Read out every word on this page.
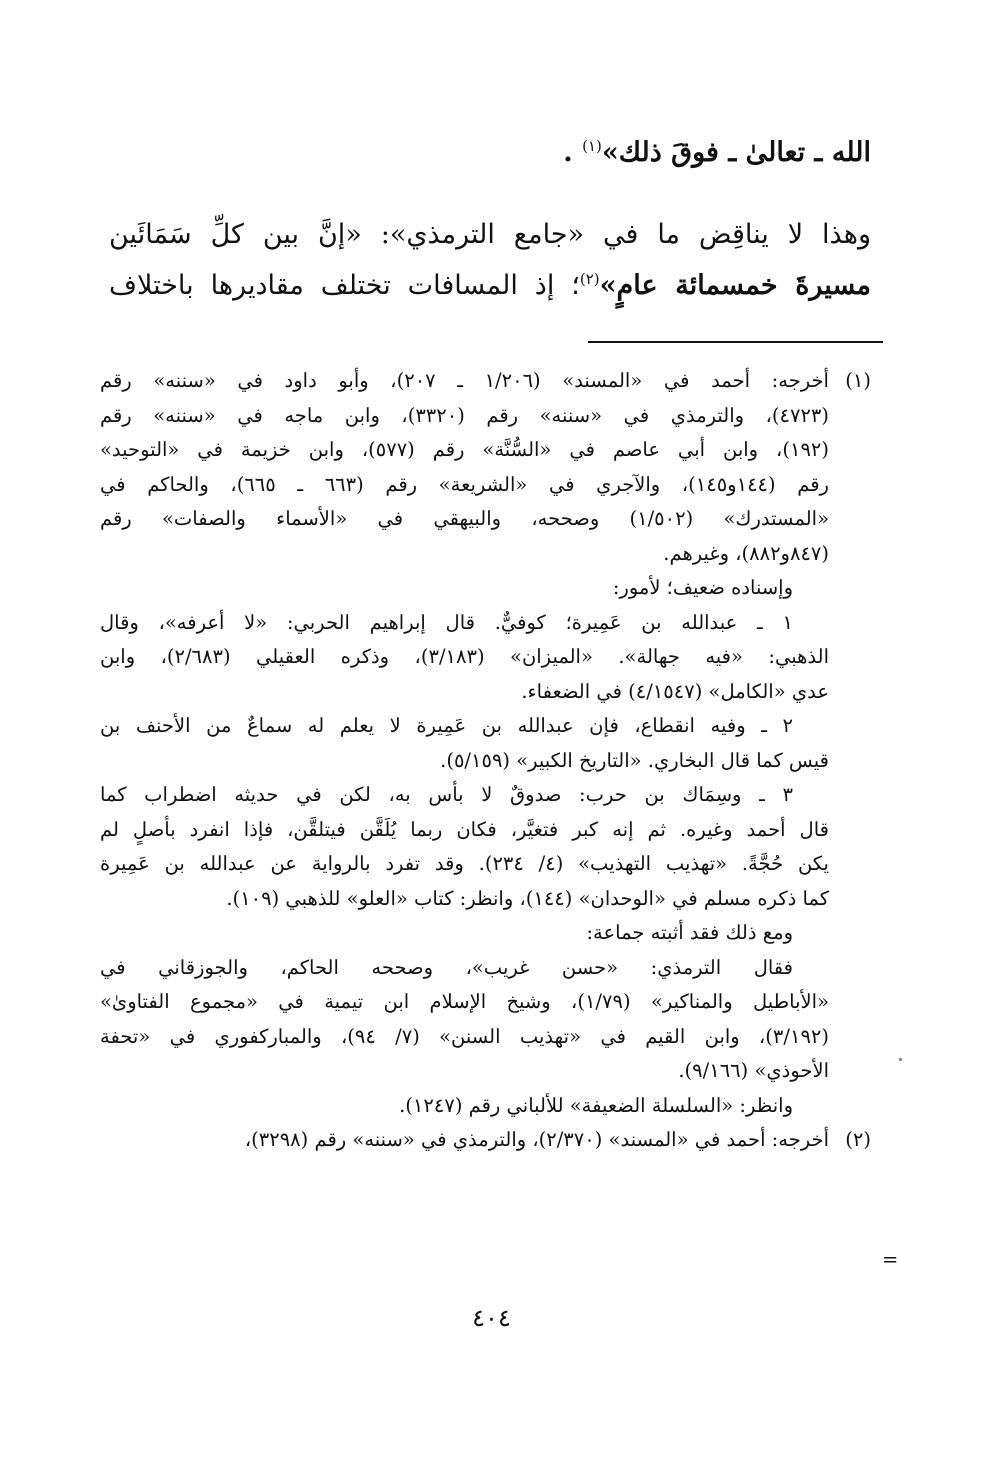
الله ـ تعالىٰ ـ فوقَ ذلك»$^{(١)}$ .
وهذا لا يناقِض ما في «جامع الترمذي»: «إنَّ بين كلِّ سَمَائَين
مسيرةَ خمسمائة عامٍ»$^{(٢)}$؛ إذ المسافات تختلف مقاديرها باختلاف
(١)
أخرجه: أحمد في «المسند» (١/٢٠٦ ـ ٢٠٧)، وأبو داود في «سننه» رقم
(٤٧٢٣)، والترمذي في «سننه» رقم (٣٣٢٠)، وابن ماجه في «سننه» رقم
(١٩٢)، وابن أبي عاصم في «السُّنَّة» رقم (٥٧٧)، وابن خزيمة في «التوحيد»
رقم (١٤٤و١٤٥)، والآجري في «الشريعة» رقم (٦٦٣ ـ ٦٦٥)، والحاكم في
«المستدرك» (١/٥٠٢) وصححه، والبيهقي في «الأسماء والصفات» رقم
(٨٤٧و٨٨٢)، وغيرهم.
وإسناده ضعيف؛ لأمور:
١ ـ عبدالله بن عَمِيرة؛ كوفيٌّ. قال إبراهيم الحربي: «لا أعرفه»، وقال
الذهبي: «فيه جهالة». «الميزان» (٣/١٨٣)، وذكره العقيلي (٢/٦٨٣)، وابن
عدي «الكامل» (٤/١٥٤٧) في الضعفاء.
٢ ـ وفيه انقطاع، فإن عبدالله بن عَمِيرة لا يعلم له سماعٌ من الأحنف بن
قيس كما قال البخاري. «التاريخ الكبير» (٥/١٥٩).
٣ ـ وسِمَاك بن حرب: صدوقٌ لا بأس به، لكن في حديثه اضطراب كما
قال أحمد وغيره. ثم إنه كبر فتغيَّر، فكان ربما يُلَقَّن فيتلقَّن، فإذا انفرد بأصلٍ لم
يكن حُجَّةً. «تهذيب التهذيب» (٤/ ٢٣٤). وقد تفرد بالرواية عن عبدالله بن عَمِيرة
كما ذكره مسلم في «الوحدان» (١٤٤)، وانظر: كتاب «العلو» للذهبي (١٠٩).
ومع ذلك فقد أثبته جماعة:
فقال الترمذي: «حسن غريب»، وصححه الحاكم، والجوزقاني في
«الأباطيل والمناكير» (١/٧٩)، وشيخ الإسلام ابن تيمية في «مجموع الفتاوىٰ»
(٣/١٩٢)، وابن القيم في «تهذيب السنن» (٧/ ٩٤)، والمباركفوري في «تحفة
الأحوذي» (٩/١٦٦).
وانظر: «السلسلة الضعيفة» للألباني رقم (١٢٤٧).
(٢)
أخرجه: أحمد في «المسند» (٢/٣٧٠)، والترمذي في «سننه» رقم (٣٢٩٨)،
=
٤٠٤
